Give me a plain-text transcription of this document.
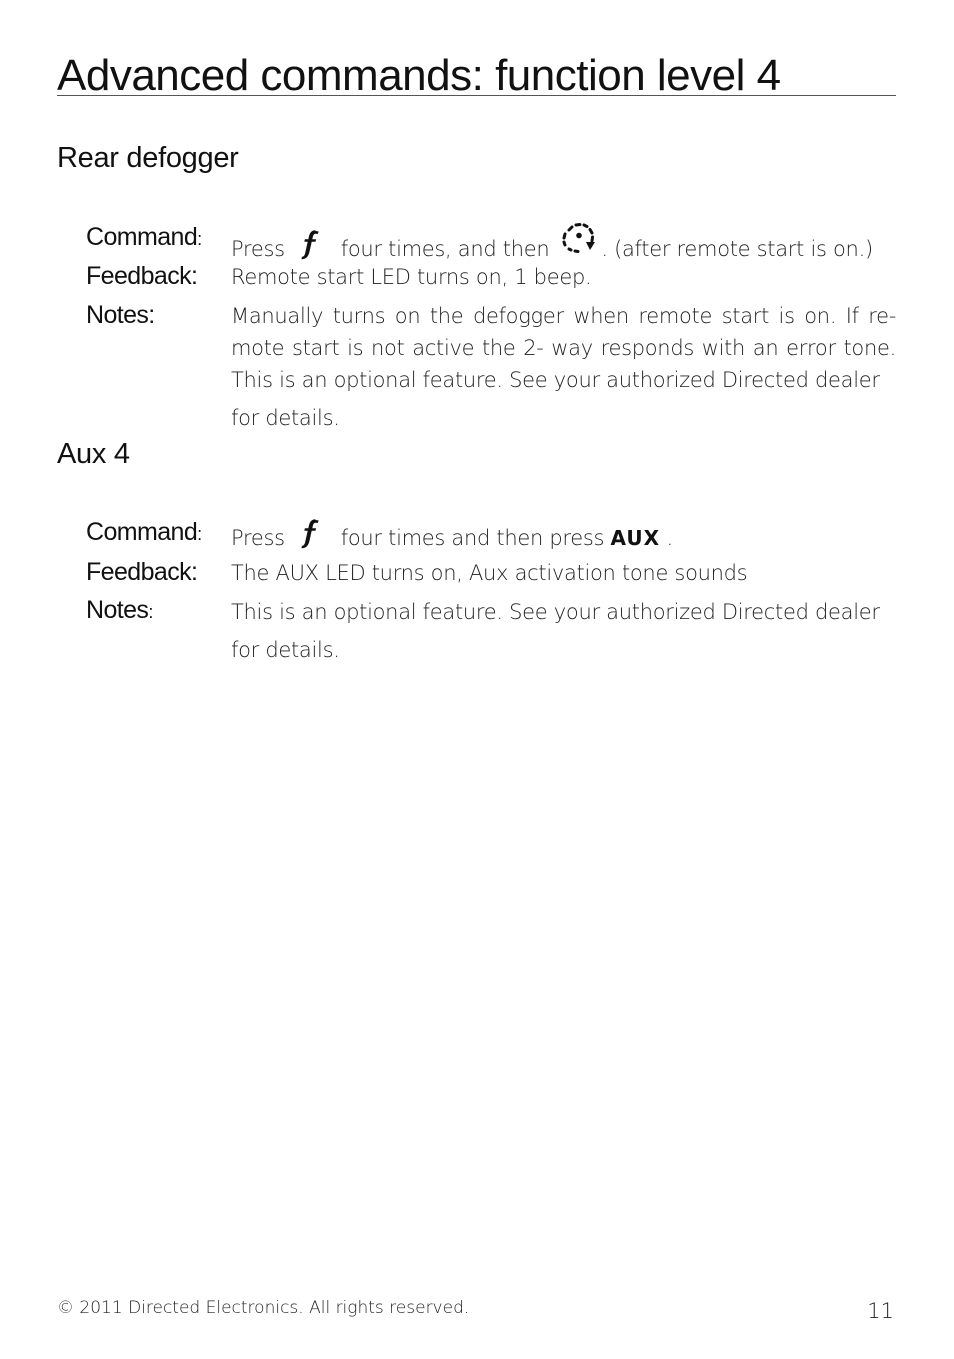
Advanced commands: function level 4
Rear defogger
Command: Press	four times, and then . (after remote start is on.)
Feedback: Remote start LED turns on, 1 beep.
Notes:	Manually turns on the defogger when remote start is on. If re-mote start is not active the 2- way responds with an error tone. This is an optional feature. See your authorized Directed dealer
for details.
Aux 4
Command: Press	four times and then press AUX .
Feedback: The AUX LED turns on, Aux activation tone sounds
Notes:	This is an optional feature. See your authorized Directed dealer
for details.
© 2011 Directed Electronics. All rights reserved.	11
